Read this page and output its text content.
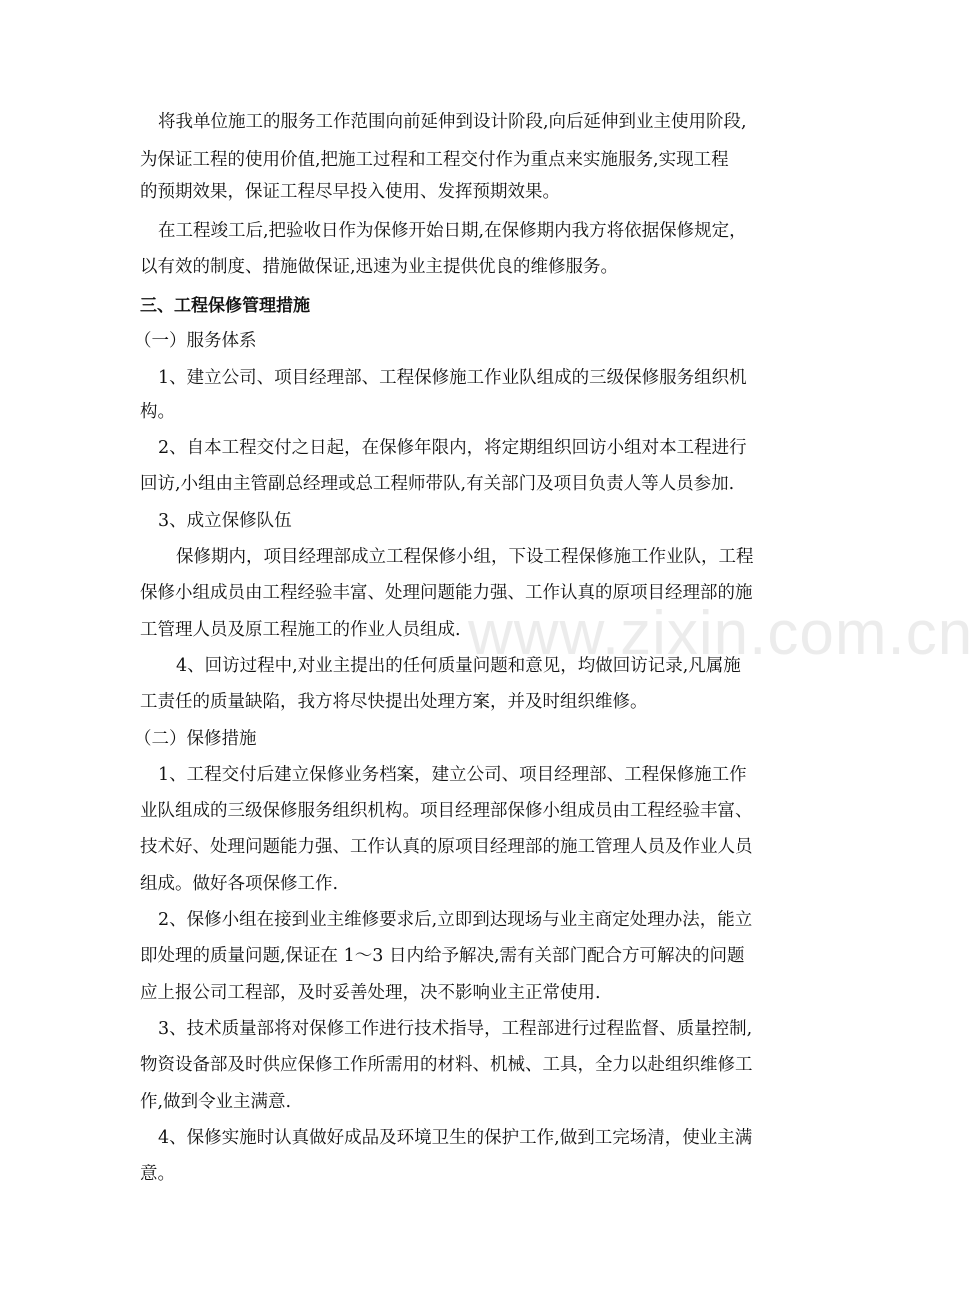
www.zixin.com.cn
将我单位施工的服务工作范围向前延伸到设计阶段,向后延伸到业主使用阶段,
为保证工程的使用价值,把施工过程和工程交付作为重点来实施服务,实现工程
的预期效果，保证工程尽早投入使用、发挥预期效果。
在工程竣工后,把验收日作为保修开始日期,在保修期内我方将依据保修规定，
以有效的制度、措施做保证,迅速为业主提供优良的维修服务。
三、工程保修管理措施
（一）服务体系
1、建立公司、项目经理部、工程保修施工作业队组成的三级保修服务组织机
构。
2、自本工程交付之日起，在保修年限内，将定期组织回访小组对本工程进行
回访,小组由主管副总经理或总工程师带队,有关部门及项目负责人等人员参加.
3、成立保修队伍
保修期内，项目经理部成立工程保修小组，下设工程保修施工作业队，工程
保修小组成员由工程经验丰富、处理问题能力强、工作认真的原项目经理部的施
工管理人员及原工程施工的作业人员组成.
4、回访过程中,对业主提出的任何质量问题和意见，均做回访记录,凡属施
工责任的质量缺陷，我方将尽快提出处理方案，并及时组织维修。
（二）保修措施
1、工程交付后建立保修业务档案，建立公司、项目经理部、工程保修施工作
业队组成的三级保修服务组织机构。项目经理部保修小组成员由工程经验丰富、
技术好、处理问题能力强、工作认真的原项目经理部的施工管理人员及作业人员
组成。做好各项保修工作.
2、保修小组在接到业主维修要求后,立即到达现场与业主商定处理办法，能立
即处理的质量问题,保证在 1～3 日内给予解决,需有关部门配合方可解决的问题
应上报公司工程部，及时妥善处理，决不影响业主正常使用.
3、技术质量部将对保修工作进行技术指导，工程部进行过程监督、质量控制,
物资设备部及时供应保修工作所需用的材料、机械、工具，全力以赴组织维修工
作,做到令业主满意.
4、保修实施时认真做好成品及环境卫生的保护工作,做到工完场清，使业主满
意。
